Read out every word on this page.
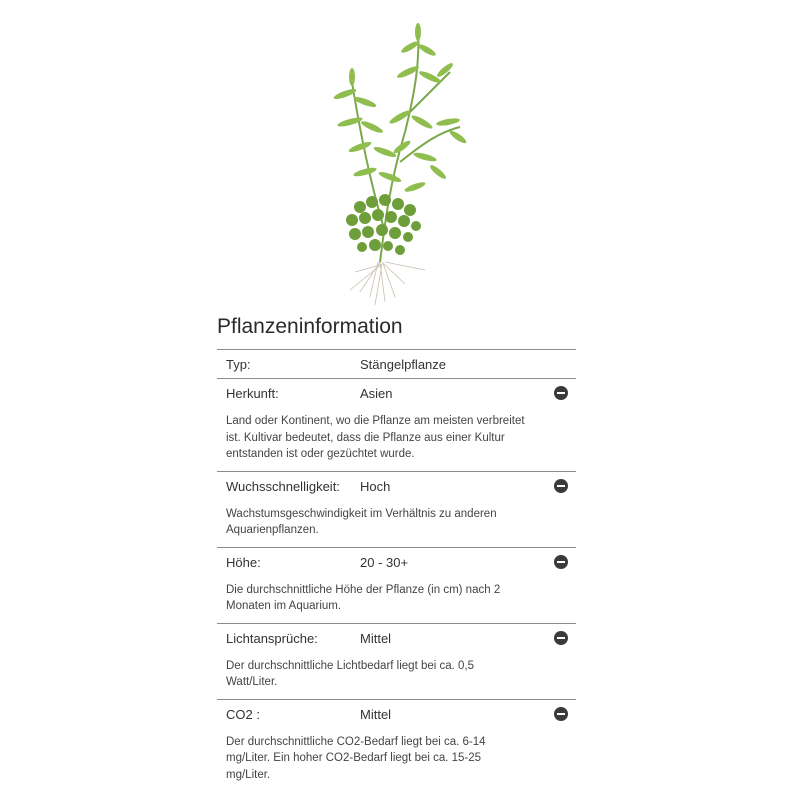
Pflanzeninformation
Typ:	Stängelpflanze
Herkunft:	Asien
Land oder Kontinent, wo die Pflanze am meisten verbreitet ist. Kultivar bedeutet, dass die Pflanze aus einer Kultur entstanden ist oder gezüchtet wurde.
Wuchsschnelligkeit: Hoch
Wachstumsgeschwindigkeit im Verhältnis zu anderen Aquarienpflanzen.
Höhe:	20 - 30+
Die durchschnittliche Höhe der Pflanze (in cm) nach 2 Monaten im Aquarium.
Lichtansprüche:	Mittel
Der durchschnittliche Lichtbedarf liegt bei ca. 0,5 Watt/Liter.
CO2 :	Mittel
Der durchschnittliche CO2-Bedarf liegt bei ca. 6-14 mg/Liter. Ein hoher CO2-Bedarf liegt bei ca. 15-25 mg/Liter.
